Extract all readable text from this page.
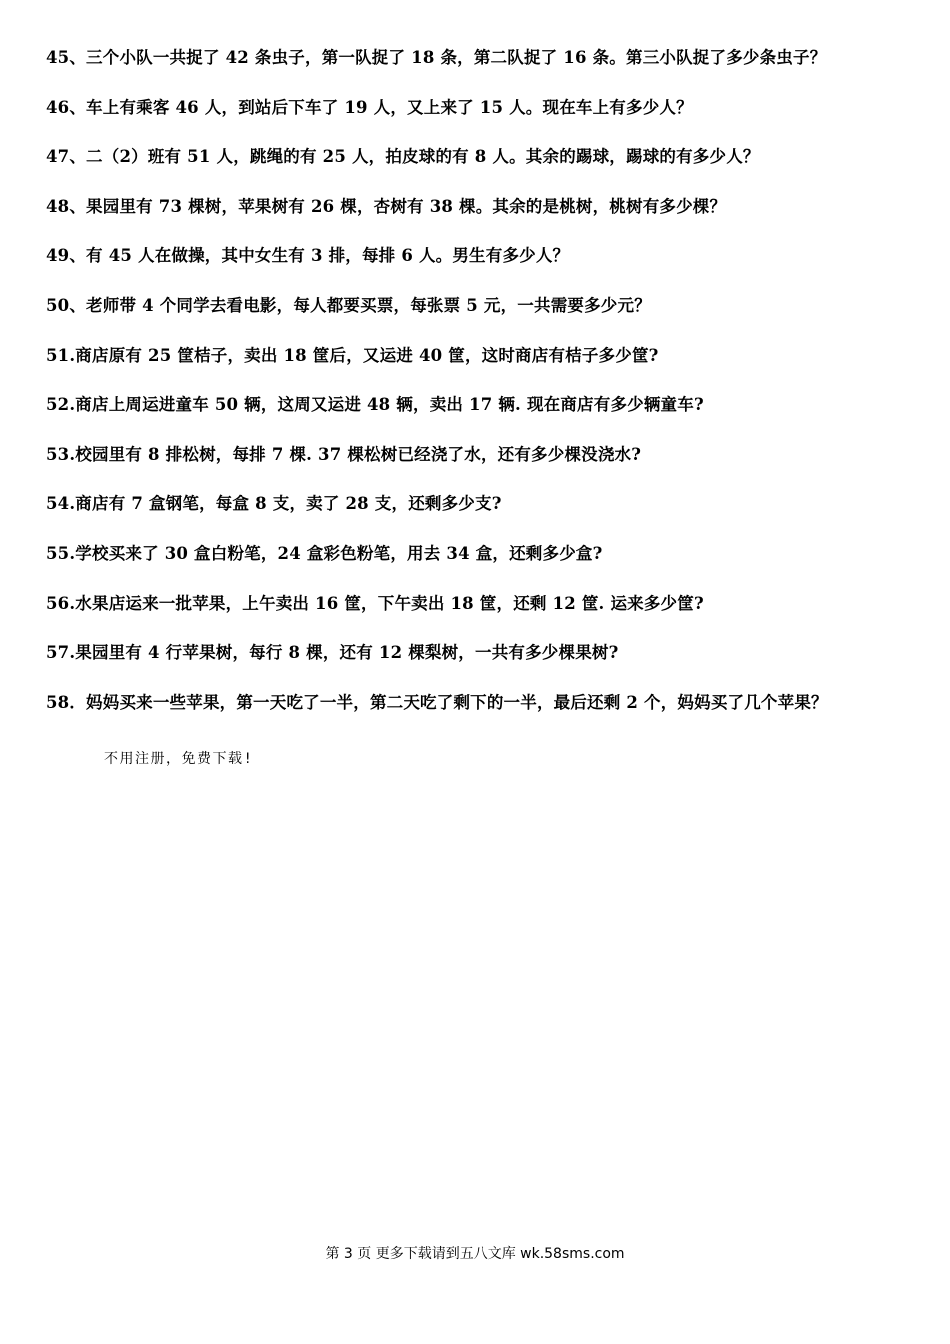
45、三个小队一共捉了 42 条虫子，第一队捉了 18 条，第二队捉了 16 条。第三小队捉了多少条虫子？
46、车上有乘客 46 人，到站后下车了 19 人，又上来了 15 人。现在车上有多少人？
47、二（2）班有 51 人，跳绳的有 25 人，拍皮球的有 8 人。其余的踢球，踢球的有多少人？
48、果园里有 73 棵树，苹果树有 26 棵，杏树有 38 棵。其余的是桃树，桃树有多少棵？
49、有 45 人在做操，其中女生有 3 排，每排 6 人。男生有多少人？
50、老师带 4 个同学去看电影，每人都要买票，每张票 5 元，一共需要多少元？
51.商店原有 25 筐桔子，卖出 18 筐后，又运进 40 筐，这时商店有桔子多少筐?
52.商店上周运进童车 50 辆，这周又运进 48 辆，卖出 17 辆. 现在商店有多少辆童车?
53.校园里有 8 排松树，每排 7 棵. 37 棵松树已经浇了水，还有多少棵没浇水?
54.商店有 7 盒钢笔，每盒 8 支，卖了 28 支，还剩多少支?
55.学校买来了 30 盒白粉笔，24 盒彩色粉笔，用去 34 盒，还剩多少盒?
56.水果店运来一批苹果，上午卖出 16 筐，下午卖出 18 筐，还剩 12 筐. 运来多少筐?
57.果园里有 4 行苹果树，每行 8 棵，还有 12 棵梨树，一共有多少棵果树?
58．妈妈买来一些苹果，第一天吃了一半，第二天吃了剩下的一半，最后还剩 2 个，妈妈买了几个苹果？
不用注册，免费下载!
第 3 页 更多下载请到五八文库 wk.58sms.com
